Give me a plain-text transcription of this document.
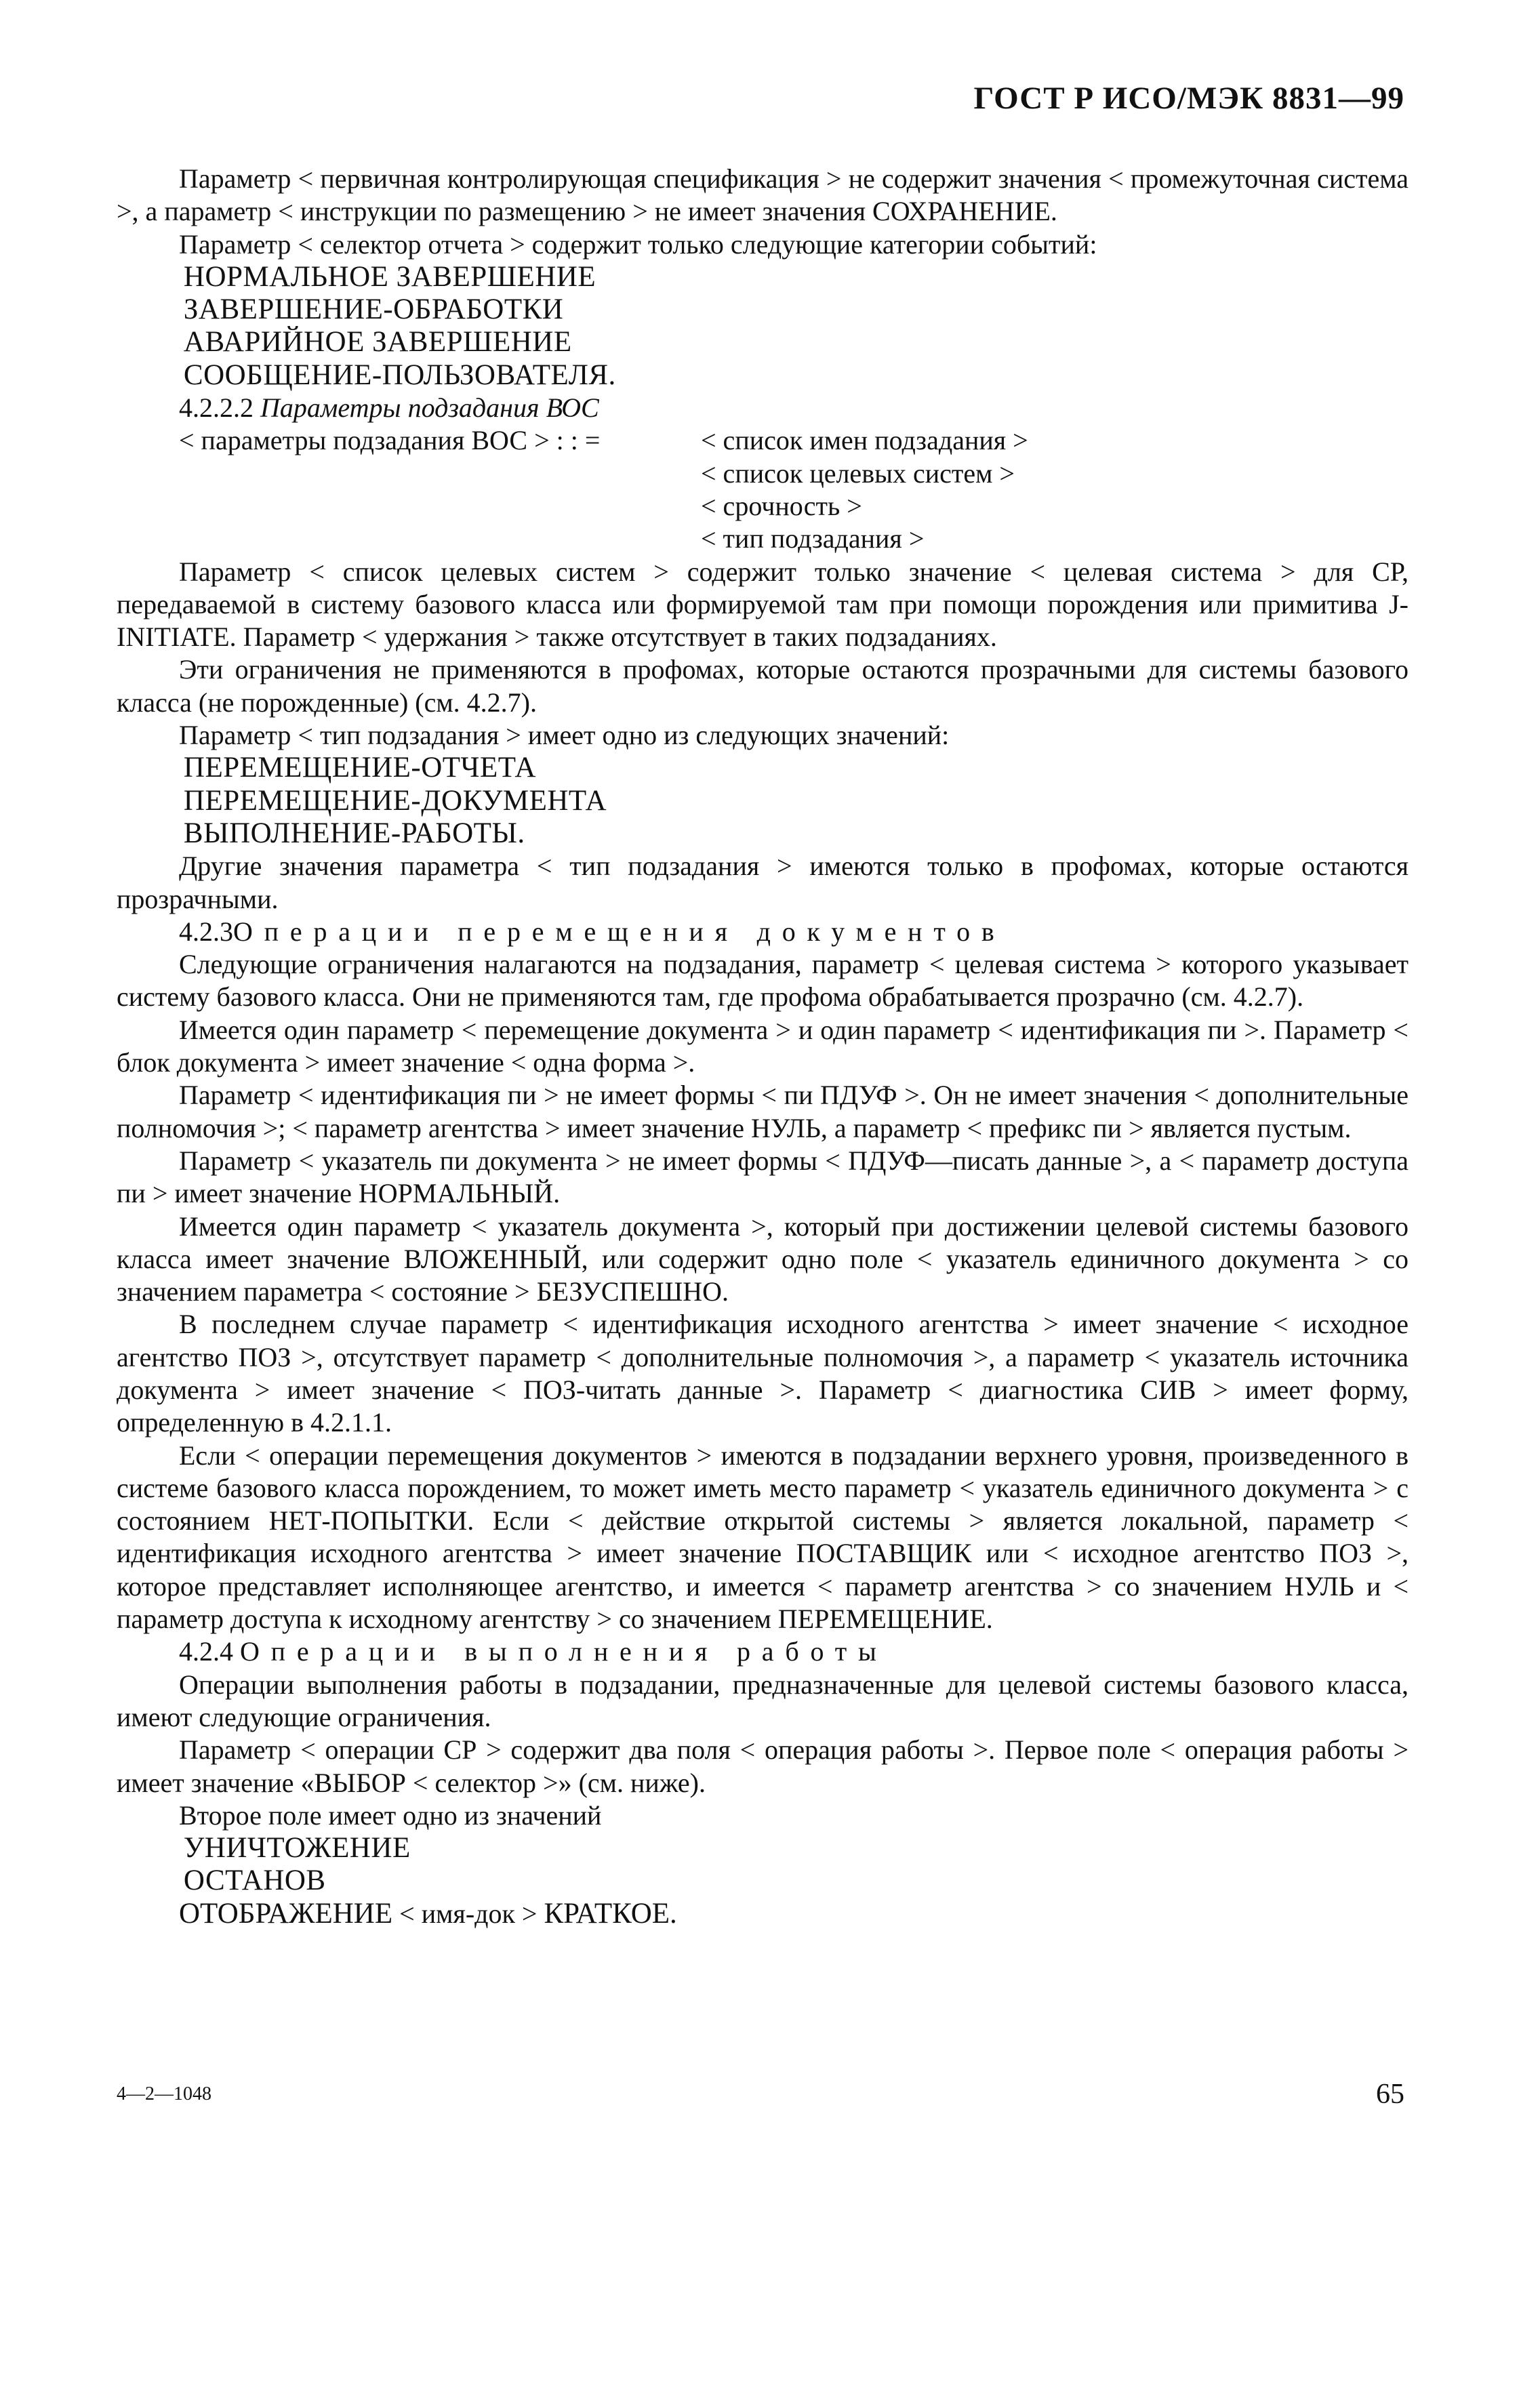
ГОСТ Р ИСО/МЭК 8831—99
Параметр < первичная контролирующая спецификация > не содержит значения < промежуточная система >, а параметр < инструкции по размещению > не имеет значения СОХРАНЕНИЕ.
Параметр < селектор отчета > содержит только следующие категории событий:
НОРМАЛЬНОЕ ЗАВЕРШЕНИЕ
ЗАВЕРШЕНИЕ-ОБРАБОТКИ
АВАРИЙНОЕ ЗАВЕРШЕНИЕ
СООБЩЕНИЕ-ПОЛЬЗОВАТЕЛЯ.
4.2.2.2 Параметры подзадания ВОС
< параметры подзадания ВОС > : : =	< список имен подзадания >
< список целевых систем >
< срочность >
< тип подзадания >
Параметр < список целевых систем > содержит только значение < целевая система > для СР, передаваемой в систему базового класса или формируемой там при помощи порождения или примитива J-INITIATE. Параметр < удержания > также отсутствует в таких подзаданиях.
Эти ограничения не применяются в профомах, которые остаются прозрачными для системы базового класса (не порожденные) (см. 4.2.7).
Параметр < тип подзадания > имеет одно из следующих значений:
ПЕРЕМЕЩЕНИЕ-ОТЧЕТА
ПЕРЕМЕЩЕНИЕ-ДОКУМЕНТА
ВЫПОЛНЕНИЕ-РАБОТЫ.
Другие значения параметра < тип подзадания > имеются только в профомах, которые остаются прозрачными.
4.2.3Операции перемещения документов
Следующие ограничения налагаются на подзадания, параметр < целевая система > которого указывает систему базового класса. Они не применяются там, где профома обрабатывается прозрачно (см. 4.2.7).
Имеется один параметр < перемещение документа > и один параметр < идентификация пи >. Параметр < блок документа > имеет значение < одна форма >.
Параметр < идентификация пи > не имеет формы < пи ПДУФ >. Он не имеет значения < дополнительные полномочия >; < параметр агентства > имеет значение НУЛЬ, а параметр < префикс пи > является пустым.
Параметр < указатель пи документа > не имеет формы < ПДУФ—писать данные >, а < параметр доступа пи > имеет значение НОРМАЛЬНЫЙ.
Имеется один параметр < указатель документа >, который при достижении целевой системы базового класса имеет значение ВЛОЖЕННЫЙ, или содержит одно поле < указатель единичного документа > со значением параметра < состояние > БЕЗУСПЕШНО.
В последнем случае параметр < идентификация исходного агентства > имеет значение < исходное агентство ПОЗ >, отсутствует параметр < дополнительные полномочия >, а параметр < указатель источника документа > имеет значение < ПОЗ-читать данные >. Параметр < диагностика СИВ > имеет форму, определенную в 4.2.1.1.
Если < операции перемещения документов > имеются в подзадании верхнего уровня, произведенного в системе базового класса порождением, то может иметь место параметр < указатель единичного документа > с состоянием НЕТ-ПОПЫТКИ. Если < действие открытой системы > является локальной, параметр < идентификация исходного агентства > имеет значение ПОСТАВЩИК или < исходное агентство ПОЗ >, которое представляет исполняющее агентство, и имеется < параметр агентства > со значением НУЛЬ и < параметр доступа к исходному агентству > со значением ПЕРЕМЕЩЕНИЕ.
4.2.4 Операции выполнения работы
Операции выполнения работы в подзадании, предназначенные для целевой системы базового класса, имеют следующие ограничения.
Параметр < операции СР > содержит два поля < операция работы >. Первое поле < операция работы > имеет значение «ВЫБОР < селектор >» (см. ниже).
Второе поле имеет одно из значений
УНИЧТОЖЕНИЕ
ОСТАНОВ
ОТОБРАЖЕНИЕ < имя-док > КРАТКОЕ.
4—2—1048	65
